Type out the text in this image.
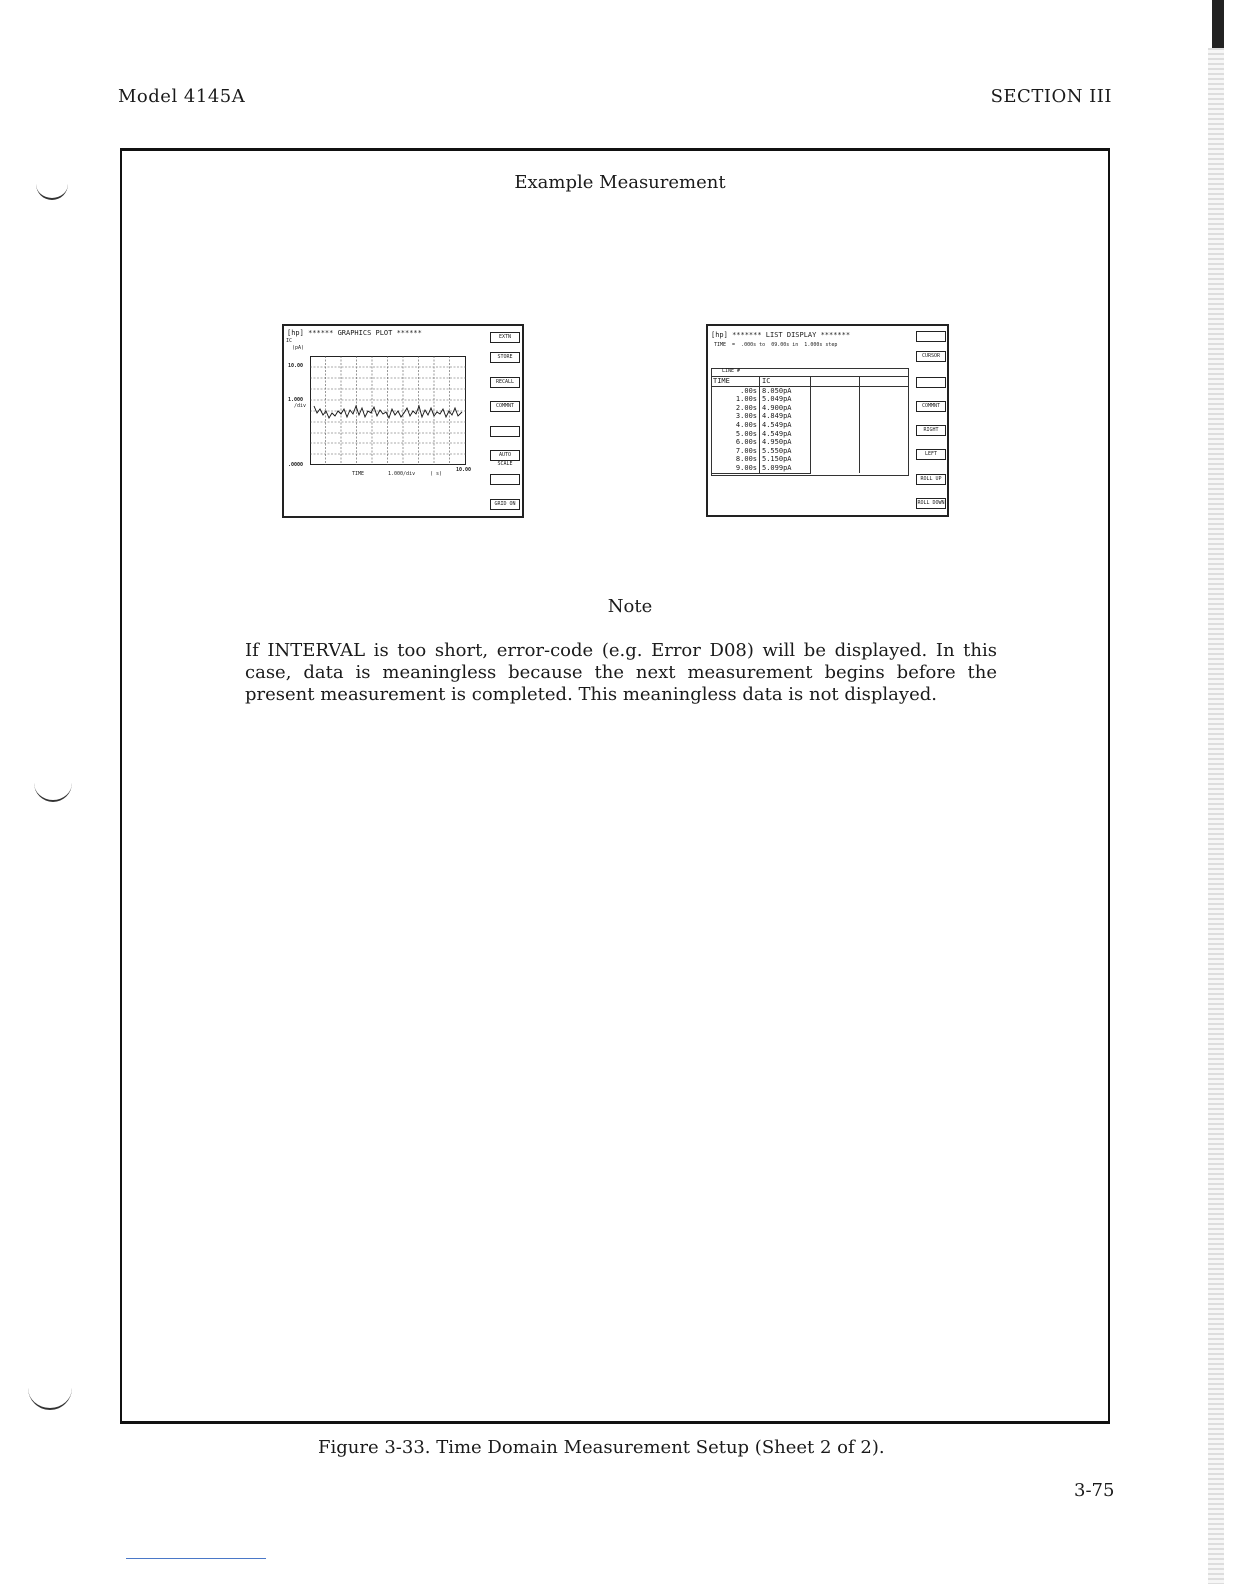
Model 4145A	SECTION III
Example Measurement
[hp] ****** GRAPHICS PLOT ******
IC
(pA)
10.00
1.000
/div
.0000
TIME	1.000/div	( s)
10.00
EXTN
STORE
RECALL
COMMNT
AUTO SCALE
GRID ON
[hp] ******* LIST DISPLAY *******
TIME  =  .000s to  09.00s in  1.000s step
LINE #
TIME	IC		
.00s	8.050pA		
1.00s	5.049pA		
2.00s	4.900pA		
3.00s	4.849pA		
4.00s	4.549pA		
5.00s	4.549pA		
6.00s	4.950pA		
7.00s	5.550pA		
8.00s	5.150pA		
9.00s	5.099pA		
CURSOR
COMMNT
RIGHT
LEFT
ROLL UP
ROLL DOWN
Note
If INTERVAL is too short, error-code (e.g. Error D08) will be displayed. In this case, data is meaningless because the next measurement begins before the present measurement is completed. This meaningless data is not displayed.
Figure 3-33. Time Domain Measurement Setup (Sheet 2 of 2).
3-75
